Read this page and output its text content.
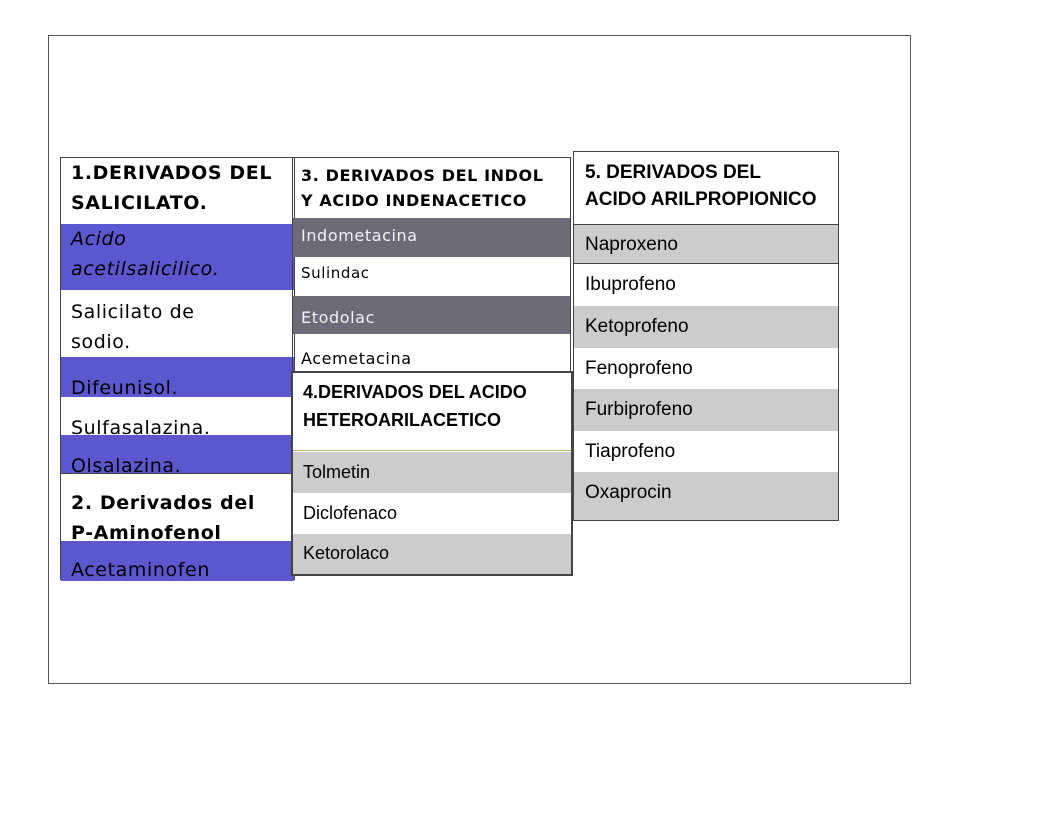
1.DERIVADOS DEL
SALICILATO.
Acido
acetilsalicilico.
Salicilato de
sodio.
Difeunisol.
Sulfasalazina.
Olsalazina.
2. Derivados del
P-Aminofenol
Acetaminofen
3. DERIVADOS DEL INDOL
Y ACIDO INDENACETICO
Indometacina
Sulindac
Etodolac
Acemetacina
4.DERIVADOS DEL ACIDO
HETEROARILACETICO
Tolmetin
Diclofenaco
Ketorolaco
5. DERIVADOS DEL
ACIDO ARILPROPIONICO
Naproxeno
Ibuprofeno
Ketoprofeno
Fenoprofeno
Furbiprofeno
Tiaprofeno
Oxaprocin
